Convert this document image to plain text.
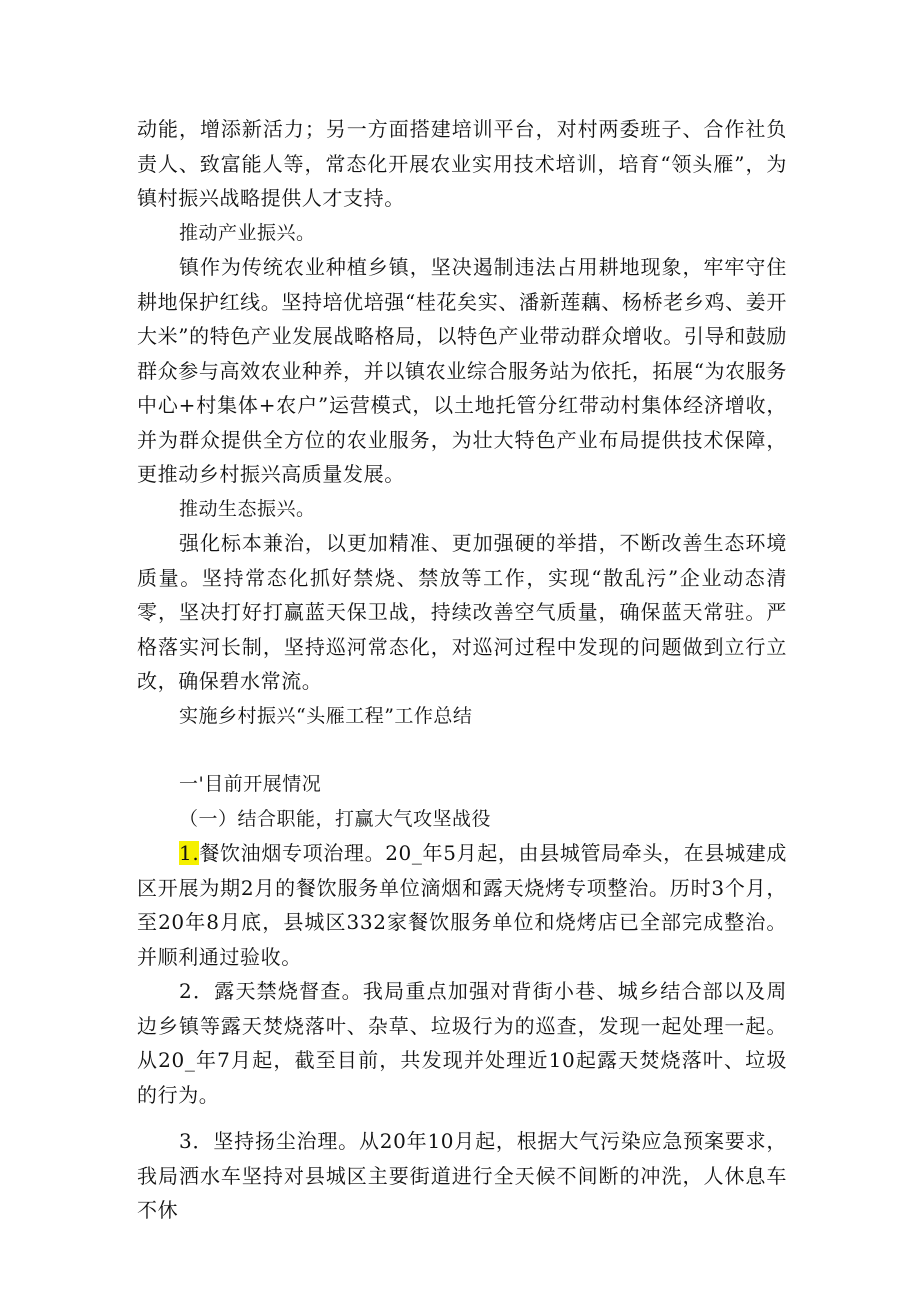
动能，增添新活力；另一方面搭建培训平台，对村两委班子、合作社负责人、致富能人等，常态化开展农业实用技术培训，培育“领头雁”，为镇村振兴战略提供人才支持。

推动产业振兴。

镇作为传统农业种植乡镇，坚决遏制违法占用耕地现象，牢牢守住耕地保护红线。坚持培优培强“桂花矣实、潘新莲藕、杨桥老乡鸡、姜开大米”的特色产业发展战略格局，以特色产业带动群众增收。引导和鼓励群众参与高效农业种养，并以镇农业综合服务站为依托，拓展“为农服务中心+村集体+农户”运营模式，以土地托管分红带动村集体经济增收，并为群众提供全方位的农业服务，为壮大特色产业布局提供技术保障，更推动乡村振兴高质量发展。

推动生态振兴。

强化标本兼治，以更加精准、更加强硬的举措，不断改善生态环境质量。坚持常态化抓好禁烧、禁放等工作，实现“散乱污”企业动态清零，坚决打好打赢蓝天保卫战，持续改善空气质量，确保蓝天常驻。严格落实河长制，坚持巡河常态化，对巡河过程中发现的问题做到立行立改，确保碧水常流。

实施乡村振兴“头雁工程”工作总结

一'目前开展情况

（一）结合职能，打赢大气攻坚战役

1.餐饮油烟专项治理。20_年5月起，由县城管局牵头，在县城建成区开展为期2月的餐饮服务单位滴烟和露天烧烤专项整治。历时3个月，至20年8月底，县城区332家餐饮服务单位和烧烤店已全部完成整治。并顺利通过验收。

2．露天禁烧督查。我局重点加强对背街小巷、城乡结合部以及周边乡镇等露天焚烧落叶、杂草、垃圾行为的巡查，发现一起处理一起。从20_年7月起，截至目前，共发现并处理近10起露天焚烧落叶、垃圾的行为。

3．坚持扬尘治理。从20年10月起，根据大气污染应急预案要求，我局洒水车坚持对县城区主要街道进行全天候不间断的冲洗，人休息车不休
